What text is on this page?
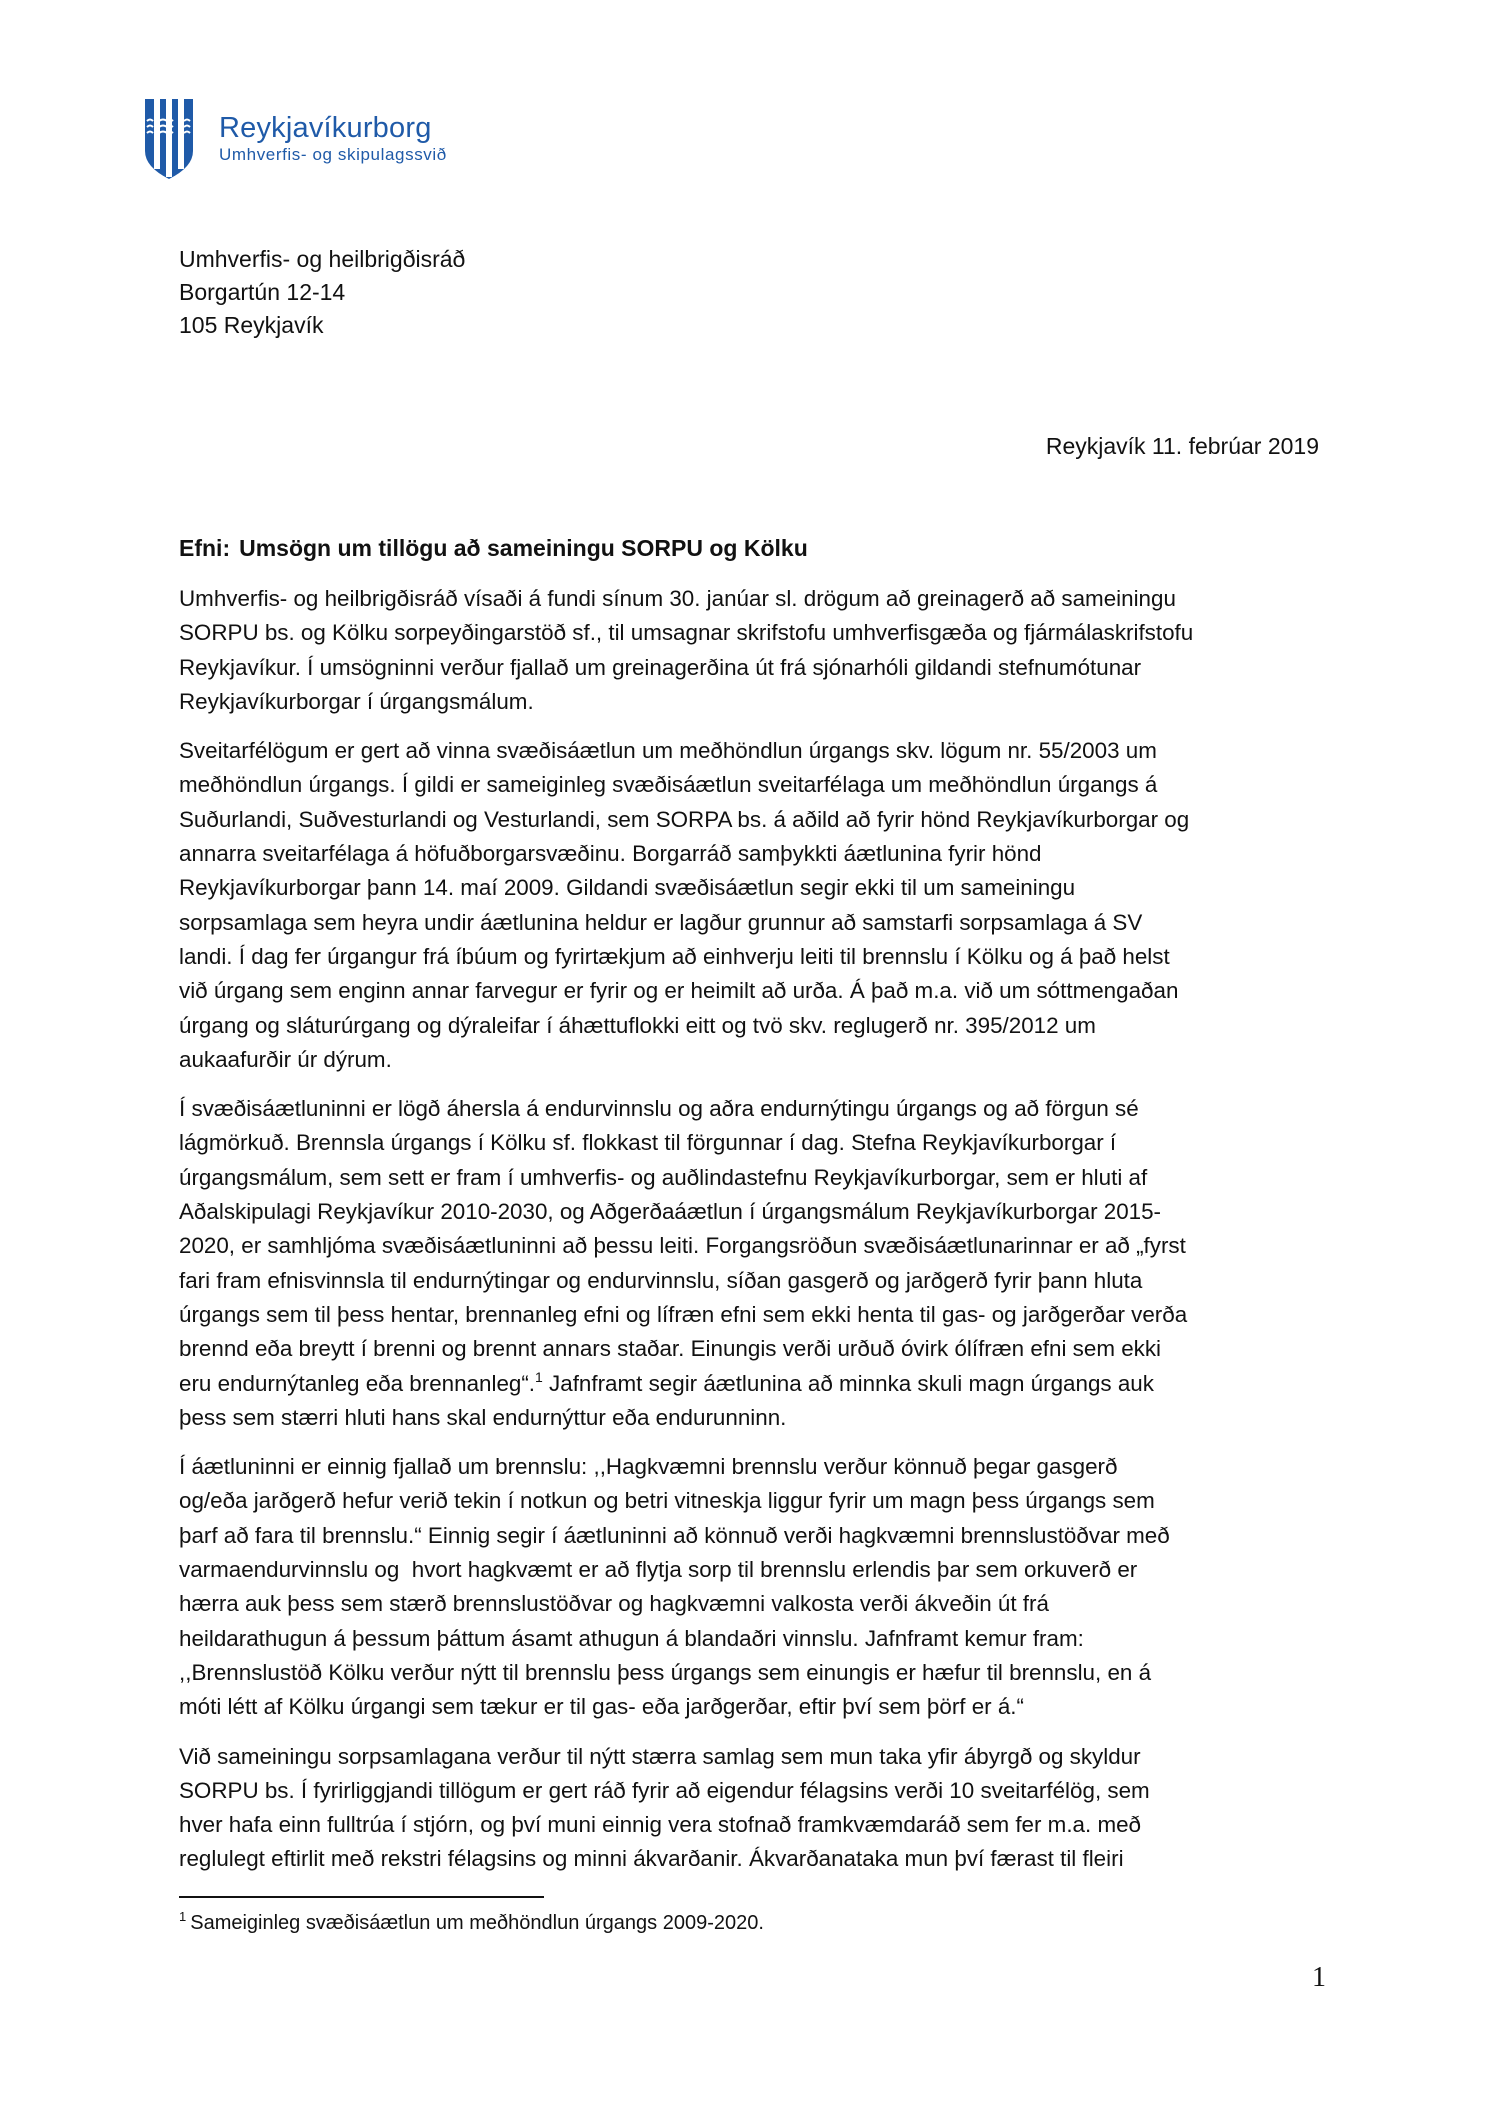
Reykjavíkurborg
Umhverfis- og skipulagssvið
Umhverfis- og heilbrigðisráð
Borgartún 12-14
105 Reykjavík
Reykjavík 11. febrúar 2019
Efni: Umsögn um tillögu að sameiningu SORPU og Kölku

Umhverfis- og heilbrigðisráð vísaði á fundi sínum 30. janúar sl. drögum að greinagerð að sameiningu
SORPU bs. og Kölku sorpeyðingarstöð sf., til umsagnar skrifstofu umhverfisgæða og fjármálaskrifstofu
Reykjavíkur. Í umsögninni verður fjallað um greinagerðina út frá sjónarhóli gildandi stefnumótunar
Reykjavíkurborgar í úrgangsmálum.

Sveitarfélögum er gert að vinna svæðisáætlun um meðhöndlun úrgangs skv. lögum nr. 55/2003 um
meðhöndlun úrgangs. Í gildi er sameiginleg svæðisáætlun sveitarfélaga um meðhöndlun úrgangs á
Suðurlandi, Suðvesturlandi og Vesturlandi, sem SORPA bs. á aðild að fyrir hönd Reykjavíkurborgar og
annarra sveitarfélaga á höfuðborgarsvæðinu. Borgarráð samþykkti áætlunina fyrir hönd
Reykjavíkurborgar þann 14. maí 2009. Gildandi svæðisáætlun segir ekki til um sameiningu
sorpsamlaga sem heyra undir áætlunina heldur er lagður grunnur að samstarfi sorpsamlaga á SV
landi. Í dag fer úrgangur frá íbúum og fyrirtækjum að einhverju leiti til brennslu í Kölku og á það helst
við úrgang sem enginn annar farvegur er fyrir og er heimilt að urða. Á það m.a. við um sóttmengaðan
úrgang og sláturúrgang og dýraleifar í áhættuflokki eitt og tvö skv. reglugerð nr. 395/2012 um
aukaafurðir úr dýrum.

Í svæðisáætluninni er lögð áhersla á endurvinnslu og aðra endurnýtingu úrgangs og að förgun sé
lágmörkuð. Brennsla úrgangs í Kölku sf. flokkast til förgunnar í dag. Stefna Reykjavíkurborgar í
úrgangsmálum, sem sett er fram í umhverfis- og auðlindastefnu Reykjavíkurborgar, sem er hluti af
Aðalskipulagi Reykjavíkur 2010-2030, og Aðgerðaáætlun í úrgangsmálum Reykjavíkurborgar 2015-
2020, er samhljóma svæðisáætluninni að þessu leiti. Forgangsröðun svæðisáætlunarinnar er að „fyrst
fari fram efnisvinnsla til endurnýtingar og endurvinnslu, síðan gasgerð og jarðgerð fyrir þann hluta
úrgangs sem til þess hentar, brennanleg efni og lífræn efni sem ekki henta til gas- og jarðgerðar verða
brennd eða breytt í brenni og brennt annars staðar. Einungis verði urðuð óvirk ólífræn efni sem ekki
eru endurnýtanleg eða brennanleg“.$^1$ Jafnframt segir áætlunina að minnka skuli magn úrgangs auk
þess sem stærri hluti hans skal endurnýttur eða endurunninn.

Í áætluninni er einnig fjallað um brennslu: ,,Hagkvæmni brennslu verður könnuð þegar gasgerð
og/eða jarðgerð hefur verið tekin í notkun og betri vitneskja liggur fyrir um magn þess úrgangs sem
þarf að fara til brennslu.“ Einnig segir í áætluninni að könnuð verði hagkvæmni brennslustöðvar með
varmaendurvinnslu og  hvort hagkvæmt er að flytja sorp til brennslu erlendis þar sem orkuverð er
hærra auk þess sem stærð brennslustöðvar og hagkvæmni valkosta verði ákveðin út frá
heildarathugun á þessum þáttum ásamt athugun á blandaðri vinnslu. Jafnframt kemur fram:
,,Brennslustöð Kölku verður nýtt til brennslu þess úrgangs sem einungis er hæfur til brennslu, en á
móti létt af Kölku úrgangi sem tækur er til gas- eða jarðgerðar, eftir því sem þörf er á.“

Við sameiningu sorpsamlagana verður til nýtt stærra samlag sem mun taka yfir ábyrgð og skyldur
SORPU bs. Í fyrirliggjandi tillögum er gert ráð fyrir að eigendur félagsins verði 10 sveitarfélög, sem
hver hafa einn fulltrúa í stjórn, og því muni einnig vera stofnað framkvæmdaráð sem fer m.a. með
reglulegt eftirlit með rekstri félagsins og minni ákvarðanir. Ákvarðanataka mun því færast til fleiri

$^1$ Sameiginleg svæðisáætlun um meðhöndlun úrgangs 2009-2020.
1
